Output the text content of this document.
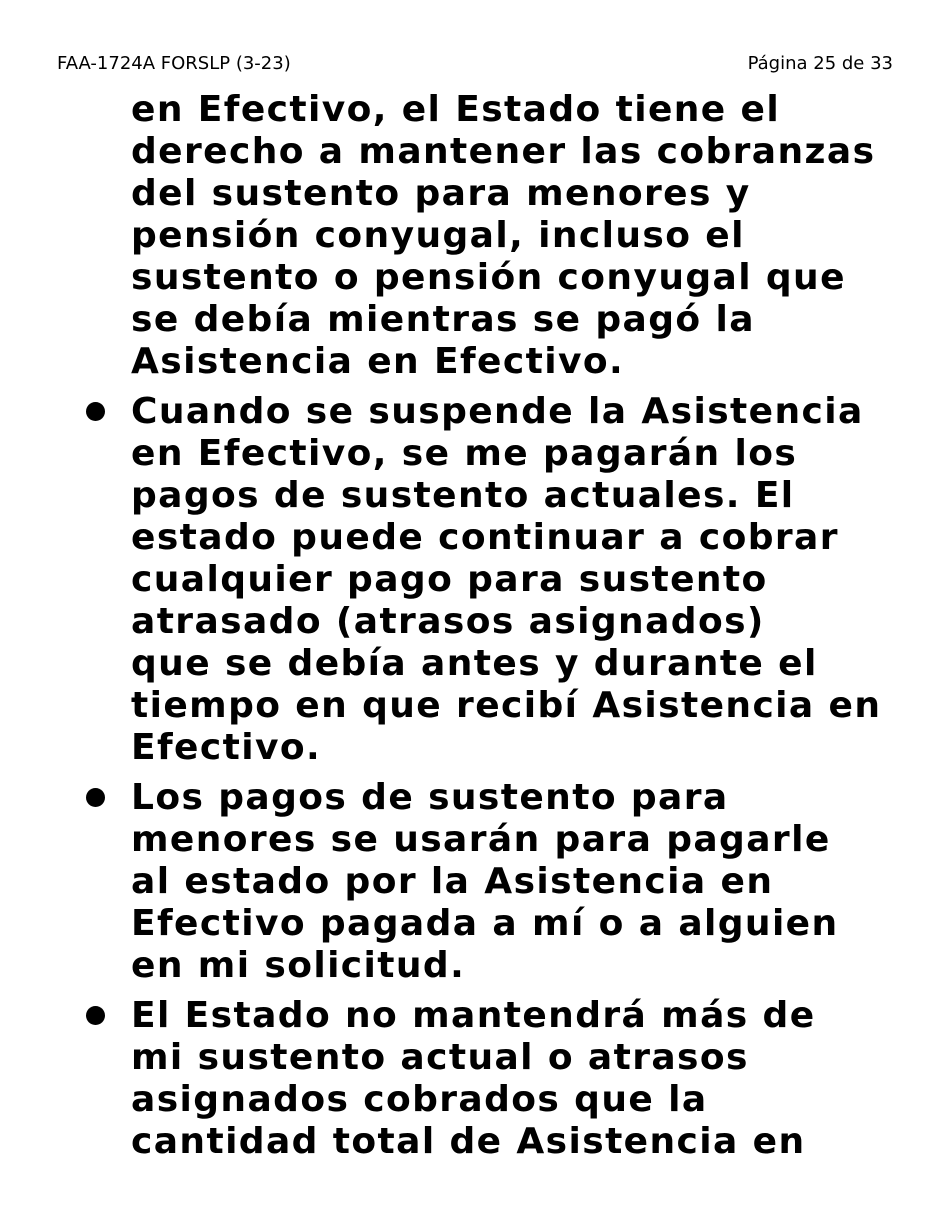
FAA-1724A FORSLP (3-23)	Página 25 de 33
en Efectivo, el Estado tiene el
derecho a mantener las cobranzas
del sustento para menores y
pensión conyugal, incluso el
sustento o pensión conyugal que
se debía mientras se pagó la
Asistencia en Efectivo.
Cuando se suspende la Asistencia
en Efectivo, se me pagarán los
pagos de sustento actuales. El
estado puede continuar a cobrar
cualquier pago para sustento
atrasado (atrasos asignados)
que se debía antes y durante el
tiempo en que recibí Asistencia en
Efectivo.
Los pagos de sustento para
menores se usarán para pagarle
al estado por la Asistencia en
Efectivo pagada a mí o a alguien
en mi solicitud.
El Estado no mantendrá más de
mi sustento actual o atrasos
asignados cobrados que la
cantidad total de Asistencia en
